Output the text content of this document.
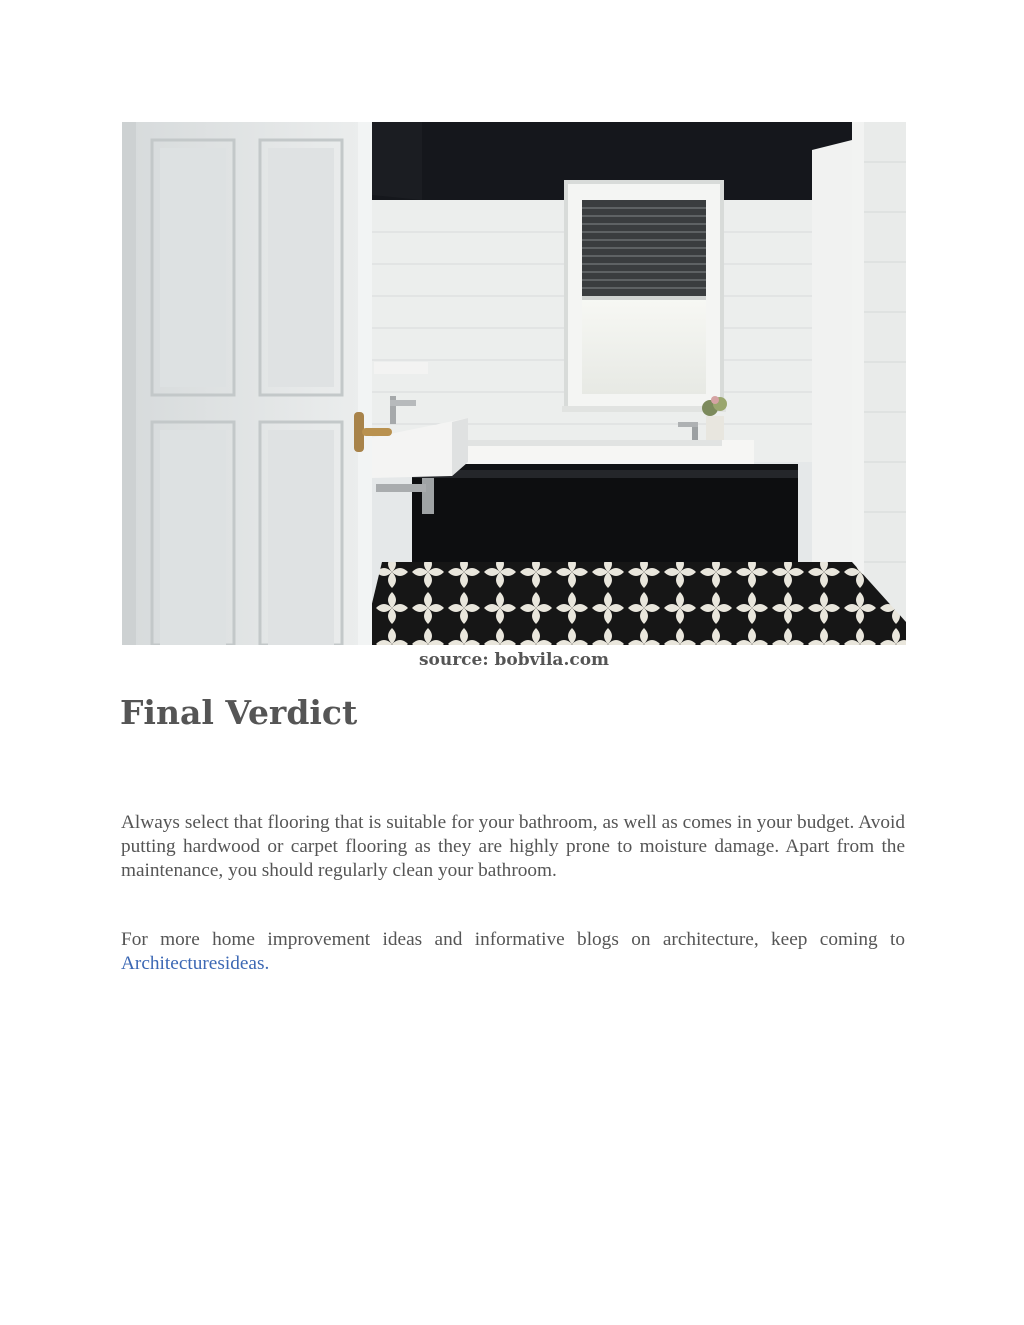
source: bobvila.com

Final Verdict

Always select that flooring that is suitable for your bathroom, as well as comes in your budget. Avoid putting hardwood or carpet flooring as they are highly prone to moisture damage. Apart from the maintenance, you should regularly clean your bathroom.

For more home improvement ideas and informative blogs on architecture, keep coming to Architecturesideas.
